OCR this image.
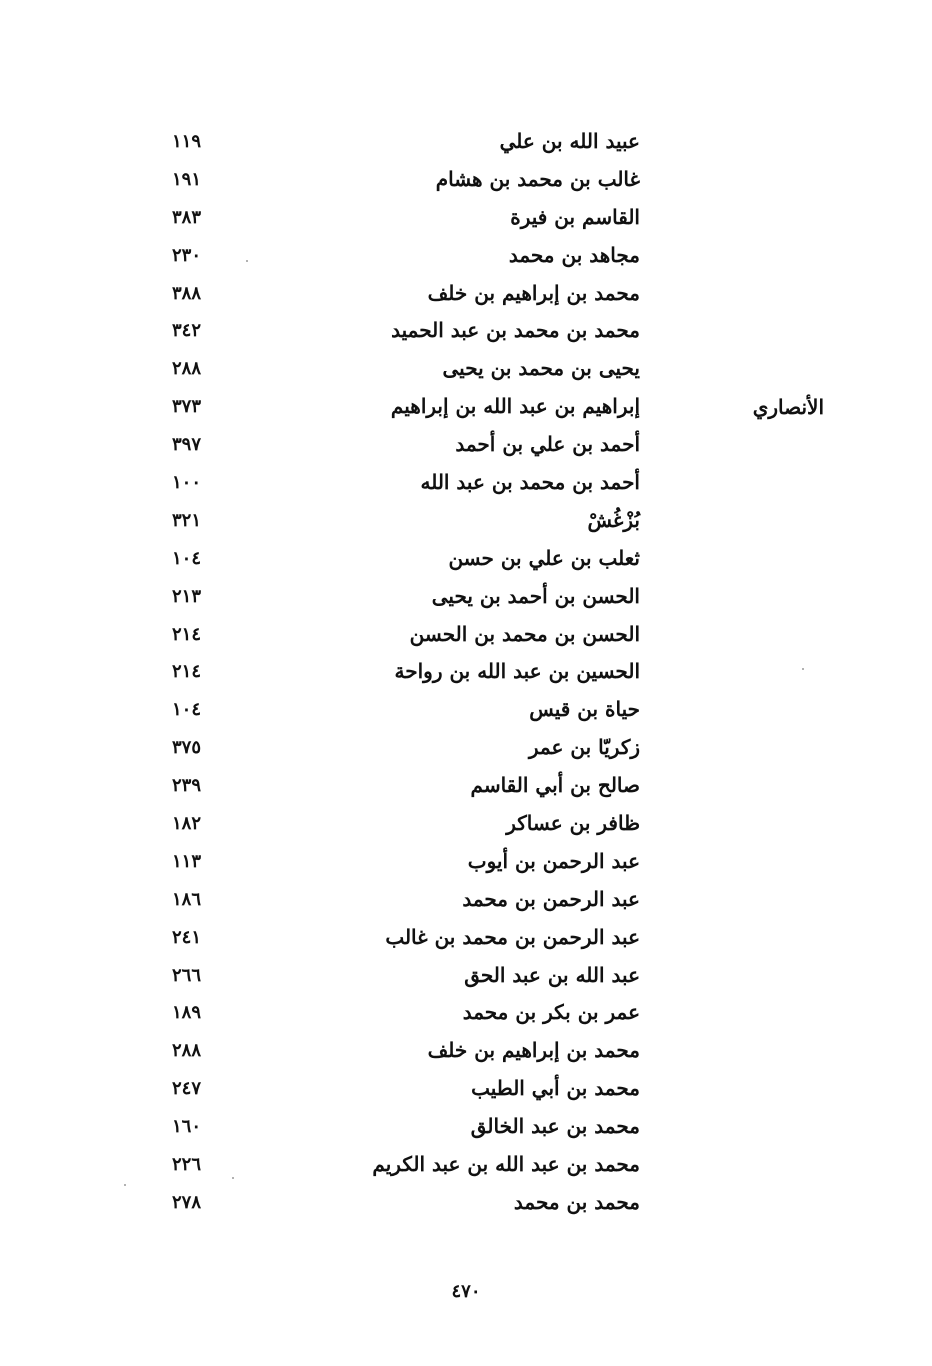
الأنصاري
عبيد الله بن علي
١١٩
غالب بن محمد بن هشام
١٩١
القاسم بن فيرة
٣٨٣
مجاهد بن محمد
٢٣٠
محمد بن إبراهيم بن خلف
٣٨٨
محمد بن محمد بن عبد الحميد
٣٤٢
يحيى بن محمد بن يحيى
٢٨٨
إبراهيم بن عبد الله بن إبراهيم
٣٧٣
أحمد بن علي بن أحمد
٣٩٧
أحمد بن محمد بن عبد الله
١٠٠
بُزْغُشْ
٣٢١
ثعلب بن علي بن حسن
١٠٤
الحسن بن أحمد بن يحيى
٢١٣
الحسن بن محمد بن الحسن
٢١٤
الحسين بن عبد الله بن رواحة
٢١٤
حياة بن قيس
١٠٤
زكريّا بن عمر
٣٧٥
صالح بن أبي القاسم
٢٣٩
ظافر بن عساكر
١٨٢
عبد الرحمن بن أيوب
١١٣
عبد الرحمن بن محمد
١٨٦
عبد الرحمن بن محمد بن غالب
٢٤١
عبد الله بن عبد الحق
٢٦٦
عمر بن بكر بن محمد
١٨٩
محمد بن إبراهيم بن خلف
٢٨٨
محمد بن أبي الطيب
٢٤٧
محمد بن عبد الخالق
١٦٠
محمد بن عبد الله بن عبد الكريم
٢٢٦
محمد بن محمد
٢٧٨
٤٧٠
